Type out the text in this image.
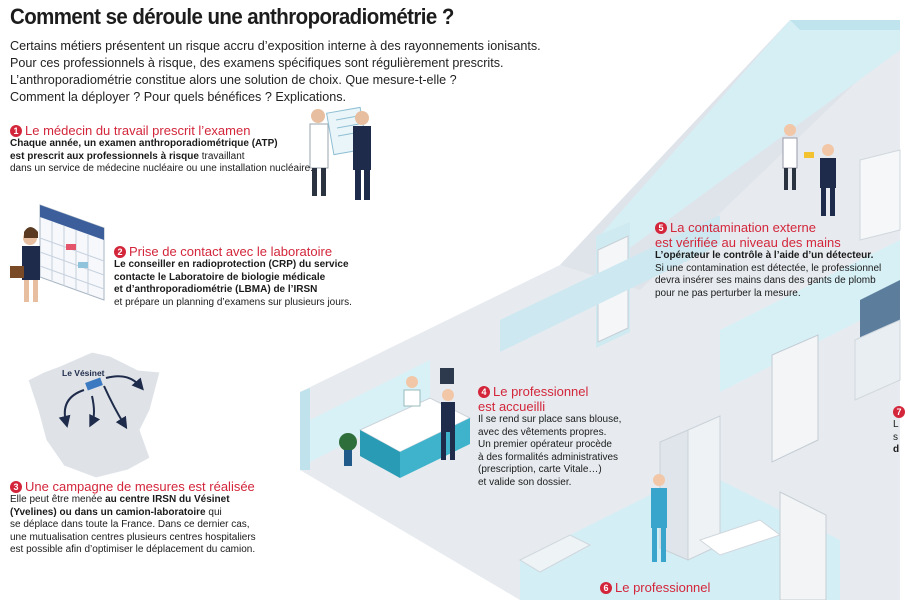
Comment se déroule une anthroporadiométrie ?
Certains métiers présentent un risque accru d’exposition interne à des rayonnements ionisants.
Pour ces professionnels à risque, des examens spécifiques sont régulièrement prescrits.
L’anthroporadiométrie constitue alors une solution de choix. Que mesure-t-elle ?
Comment la déployer ? Pour quels bénéfices ? Explications.
1 Le médecin du travail prescrit l’examen
Chaque année, un examen anthroporadiométrique (ATP)
est prescrit aux professionnels à risque travaillant
dans un service de médecine nucléaire ou une installation nucléaire.
2 Prise de contact avec le laboratoire
Le conseiller en radioprotection (CRP) du service
contacte le Laboratoire de biologie médicale
et d’anthroporadiométrie (LBMA) de l’IRSN
et prépare un planning d’examens sur plusieurs jours.
Le Vésinet
3 Une campagne de mesures est réalisée
Elle peut être menée au centre IRSN du Vésinet
(Yvelines) ou dans un camion-laboratoire qui
se déplace dans toute la France. Dans ce dernier cas,
une mutualisation centres plusieurs centres hospitaliers
est possible afin d’optimiser le déplacement du camion.
4 Le professionnel
est accueilli
Il se rend sur place sans blouse,
avec des vêtements propres.
Un premier opérateur procède
à des formalités administratives
(prescription, carte Vitale…)
et valide son dossier.
5 La contamination externe
est vérifiée au niveau des mains
L’opérateur le contrôle à l’aide d’un détecteur.
Si une contamination est détectée, le professionnel
devra insérer ses mains dans des gants de plomb
pour ne pas perturber la mesure.
6 Le professionnel
7
L
s
d
